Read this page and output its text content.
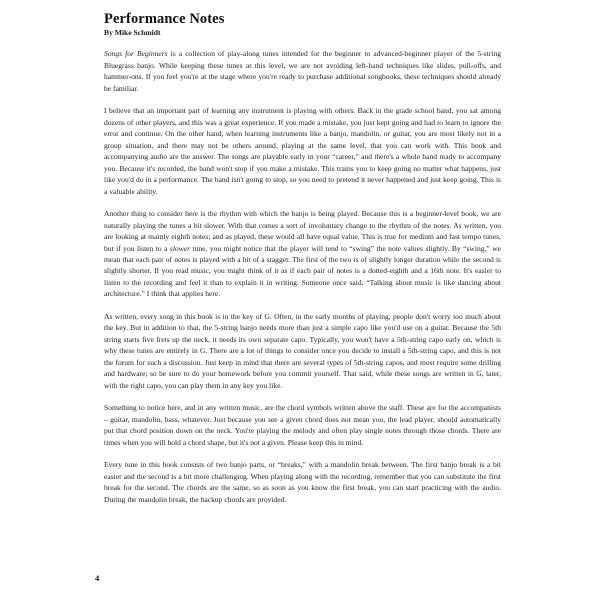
Performance Notes
By Mike Schmidt

Songs for Beginners is a collection of play-along tunes intended for the beginner to advanced-beginner player of the 5-string Bluegrass banjo. While keeping these tunes at this level, we are not avoiding left-hand techniques like slides, pull-offs, and hammer-ons. If you feel you're at the stage where you're ready to purchase additional songbooks, these techniques should already be familiar.

I believe that an important part of learning any instrument is playing with others. Back in the grade school band, you sat among dozens of other players, and this was a great experience. If you made a mistake, you just kept going and had to learn to ignore the error and continue. On the other hand, when learning instruments like a banjo, mandolin, or guitar, you are most likely not in a group situation, and there may not be others around, playing at the same level, that you can work with. This book and accompanying audio are the answer. The songs are playable early in your “career,” and there's a whole band ready to accompany you. Because it's recorded, the band won't stop if you make a mistake. This trains you to keep going no matter what happens, just like you'd do in a performance. The band isn't going to stop, so you need to pretend it never happened and just keep going. This is a valuable ability.

Another thing to consider here is the rhythm with which the banjo is being played. Because this is a beginner-level book, we are naturally playing the tunes a bit slower. With that comes a sort of involuntary change to the rhythm of the notes. As written, you are looking at mainly eighth notes; and as played, these would all have equal value. This is true for medium and fast tempo tunes, but if you listen to a slower tune, you might notice that the player will tend to “swing” the note values slightly. By “swing,” we mean that each pair of notes is played with a bit of a stagger. The first of the two is of slightly longer duration while the second is slightly shorter. If you read music, you might think of it as if each pair of notes is a dotted-eighth and a 16th note. It's easier to listen to the recording and feel it than to explain it in writing. Someone once said, “Talking about music is like dancing about architecture.” I think that applies here.

As written, every song in this book is in the key of G. Often, in the early months of playing, people don't worry too much about the key. But in addition to that, the 5-string banjo needs more than just a simple capo like you'd use on a guitar. Because the 5th string starts five frets up the neck, it needs its own separate capo. Typically, you won't have a 5th-string capo early on, which is why these tunes are entirely in G. There are a lot of things to consider once you decide to install a 5th-string capo, and this is not the forum for such a discussion. Just keep in mind that there are several types of 5th-string capos, and most require some drilling and hardware; so be sure to do your homework before you commit yourself. That said, while these songs are written in G, later, with the right capo, you can play them in any key you like.

Something to notice here, and in any written music, are the chord symbols written above the staff. These are for the accompanists – guitar, mandolin, bass, whatever. Just because you see a given chord does not mean you, the lead player, should automatically put that chord position down on the neck. You're playing the melody and often play single notes through those chords. There are times when you will hold a chord shape, but it's not a given. Please keep this in mind.

Every tune in this book consists of two banjo parts, or “breaks,” with a mandolin break between. The first banjo break is a bit easier and the second is a bit more challenging. When playing along with the recording, remember that you can substitute the first break for the second. The chords are the same, so as soon as you know the first break, you can start practicing with the audio. During the mandolin break, the backup chords are provided.

4
